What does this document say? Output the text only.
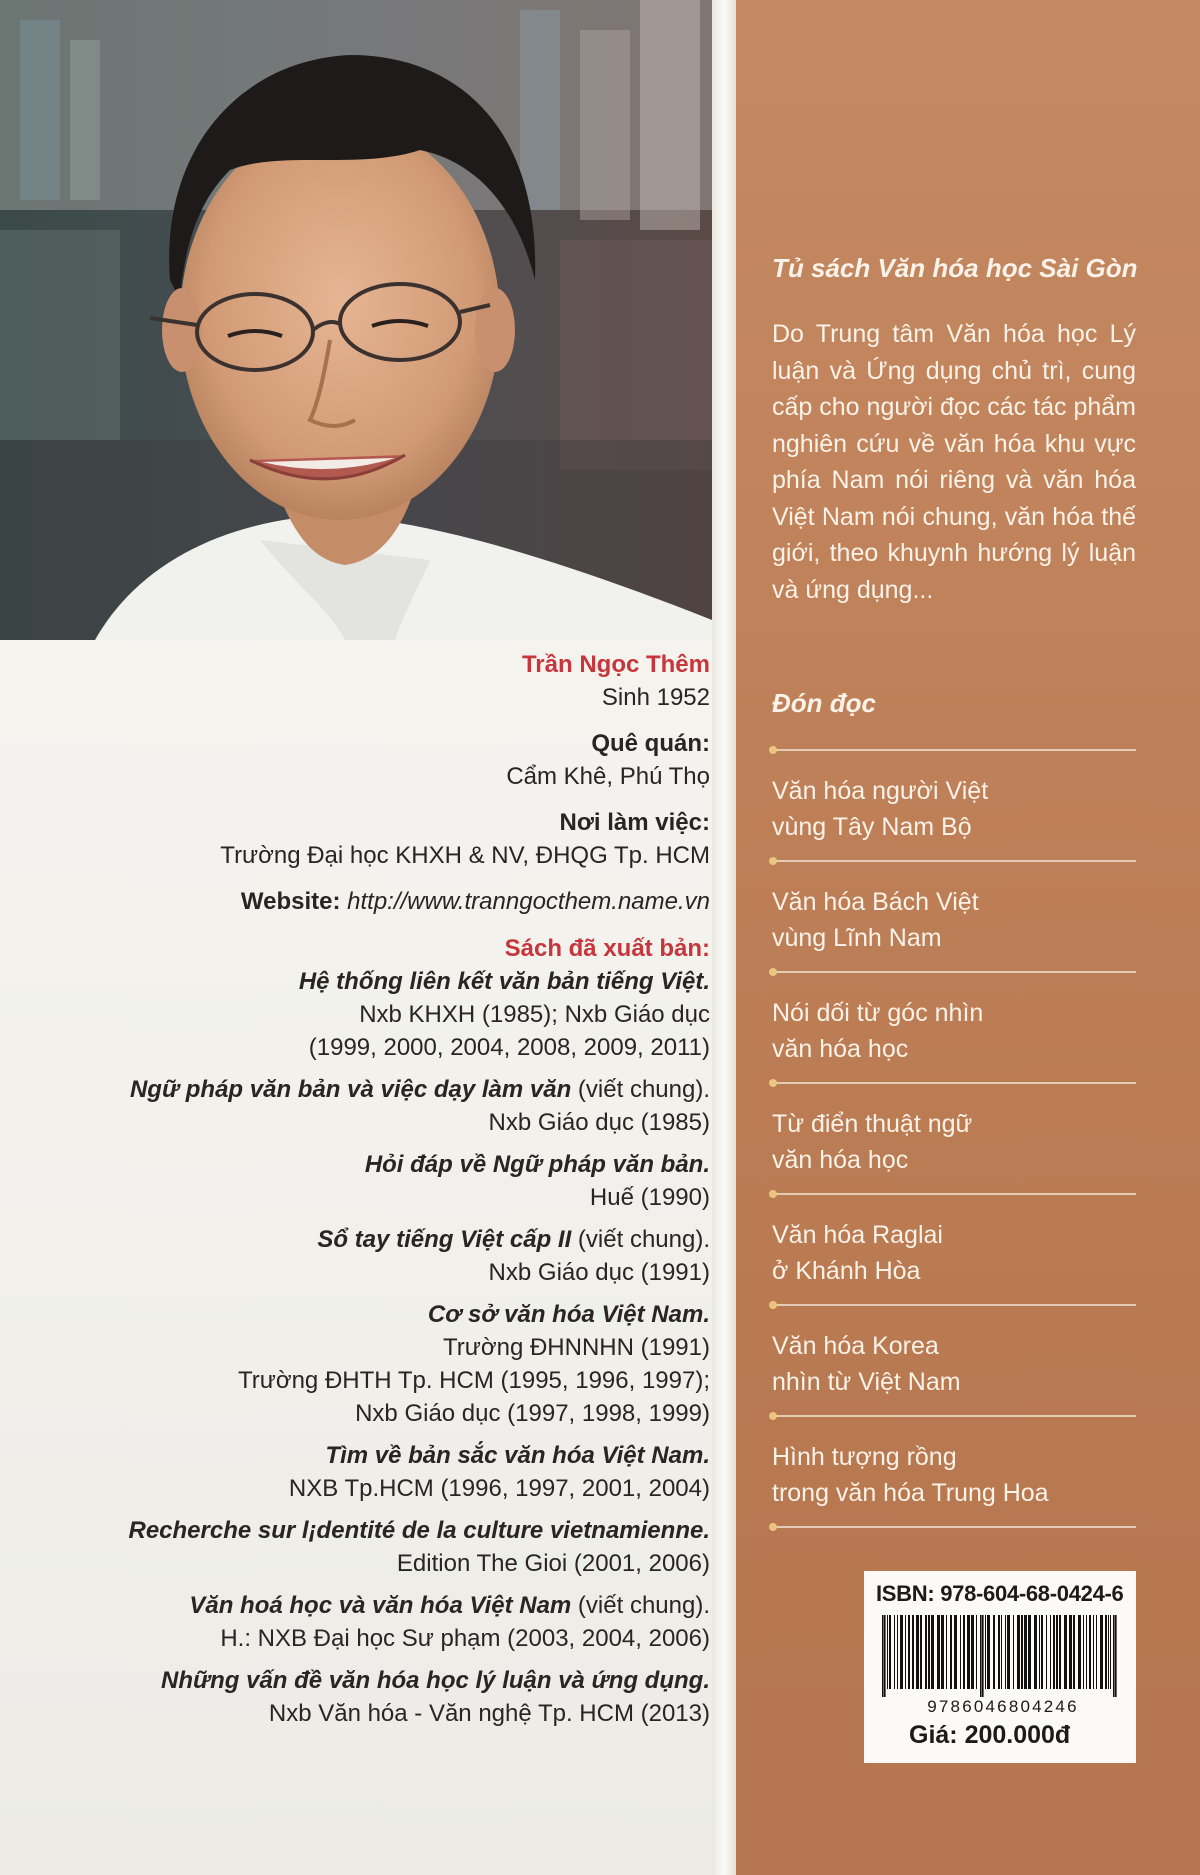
Trần Ngọc Thêm

Sinh 1952

Quê quán:

Cẩm Khê, Phú Thọ

Nơi làm việc:

Trường Đại học KHXH & NV, ĐHQG Tp. HCM

Website: http://www.tranngocthem.name.vn

Sách đã xuất bản:

Hệ thống liên kết văn bản tiếng Việt.

Nxb KHXH (1985); Nxb Giáo dục

(1999, 2000, 2004, 2008, 2009, 2011)

Ngữ pháp văn bản và việc dạy làm văn (viết chung).

Nxb Giáo dục (1985)

Hỏi đáp về Ngữ pháp văn bản.

Huế (1990)

Sổ tay tiếng Việt cấp II (viết chung).

Nxb Giáo dục (1991)

Cơ sở văn hóa Việt Nam.

Trường ĐHNNHN (1991)

Trường ĐHTH Tp. HCM (1995, 1996, 1997);

Nxb Giáo dục (1997, 1998, 1999)

Tìm về bản sắc văn hóa Việt Nam.

NXB Tp.HCM (1996, 1997, 2001, 2004)

Recherche sur l¡dentité de la culture vietnamienne.

Edition The Gioi (2001, 2006)

Văn hoá học và văn hóa Việt Nam (viết chung).

H.: NXB Đại học Sư phạm (2003, 2004, 2006)

Những vấn đề văn hóa học lý luận và ứng dụng.

Nxb Văn hóa - Văn nghệ Tp. HCM (2013)

Tủ sách Văn hóa học Sài Gòn

Do Trung tâm Văn hóa học Lý luận và Ứng dụng chủ trì, cung cấp cho người đọc các tác phẩm nghiên cứu về văn hóa khu vực phía Nam nói riêng và văn hóa Việt Nam nói chung, văn hóa thế giới, theo khuynh hướng lý luận và ứng dụng...

Đón đọc
Văn hóa người Việt
vùng Tây Nam Bộ
Văn hóa Bách Việt
vùng Lĩnh Nam
Nói dối từ góc nhìn
văn hóa học
Từ điển thuật ngữ
văn hóa học
Văn hóa Raglai
ở Khánh Hòa
Văn hóa Korea
nhìn từ Việt Nam
Hình tượng rồng
trong văn hóa Trung Hoa
ISBN: 978-604-68-0424-6
9786046804246
Giá: 200.000đ
